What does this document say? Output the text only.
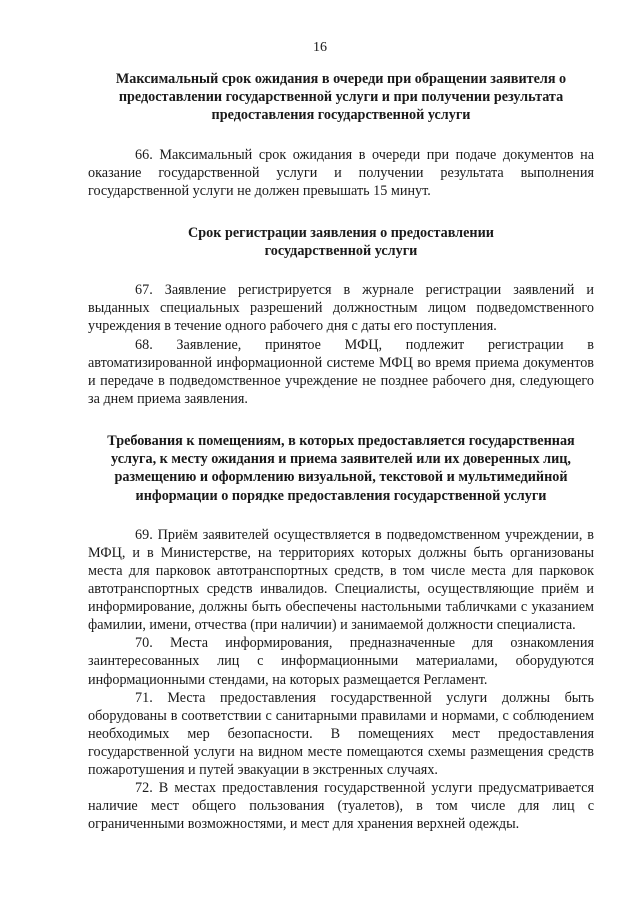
16

Максимальный срок ожидания в очереди при обращении заявителя о предоставлении государственной услуги и при получении результата предоставления государственной услуги

66. Максимальный срок ожидания в очереди при подаче документов на оказание государственной услуги и получении результата выполнения государственной услуги не должен превышать 15 минут.

Срок регистрации заявления о предоставлении государственной услуги

67. Заявление регистрируется в журнале регистрации заявлений и выданных специальных разрешений должностным лицом подведомственного учреждения в течение одного рабочего дня с даты его поступления.

68. Заявление, принятое МФЦ, подлежит регистрации в автоматизированной информационной системе МФЦ во время приема документов и передаче в подведомственное учреждение не позднее рабочего дня, следующего за днем приема заявления.

Требования к помещениям, в которых предоставляется государственная услуга, к месту ожидания и приема заявителей или их доверенных лиц, размещению и оформлению визуальной, текстовой и мультимедийной информации о порядке предоставления государственной услуги

69. Приём заявителей осуществляется в подведомственном учреждении, в МФЦ, и в Министерстве, на территориях которых должны быть организованы места для парковок автотранспортных средств, в том числе места для парковок автотранспортных средств инвалидов. Специалисты, осуществляющие приём и информирование, должны быть обеспечены настольными табличками с указанием фамилии, имени, отчества (при наличии) и занимаемой должности специалиста.

70. Места информирования, предназначенные для ознакомления заинтересованных лиц с информационными материалами, оборудуются информационными стендами, на которых размещается Регламент.

71. Места предоставления государственной услуги должны быть оборудованы в соответствии с санитарными правилами и нормами, с соблюдением необходимых мер безопасности. В помещениях мест предоставления государственной услуги на видном месте помещаются схемы размещения средств пожаротушения и путей эвакуации в экстренных случаях.

72. В местах предоставления государственной услуги предусматривается наличие мест общего пользования (туалетов), в том числе для лиц с ограниченными возможностями, и мест для хранения верхней одежды.
